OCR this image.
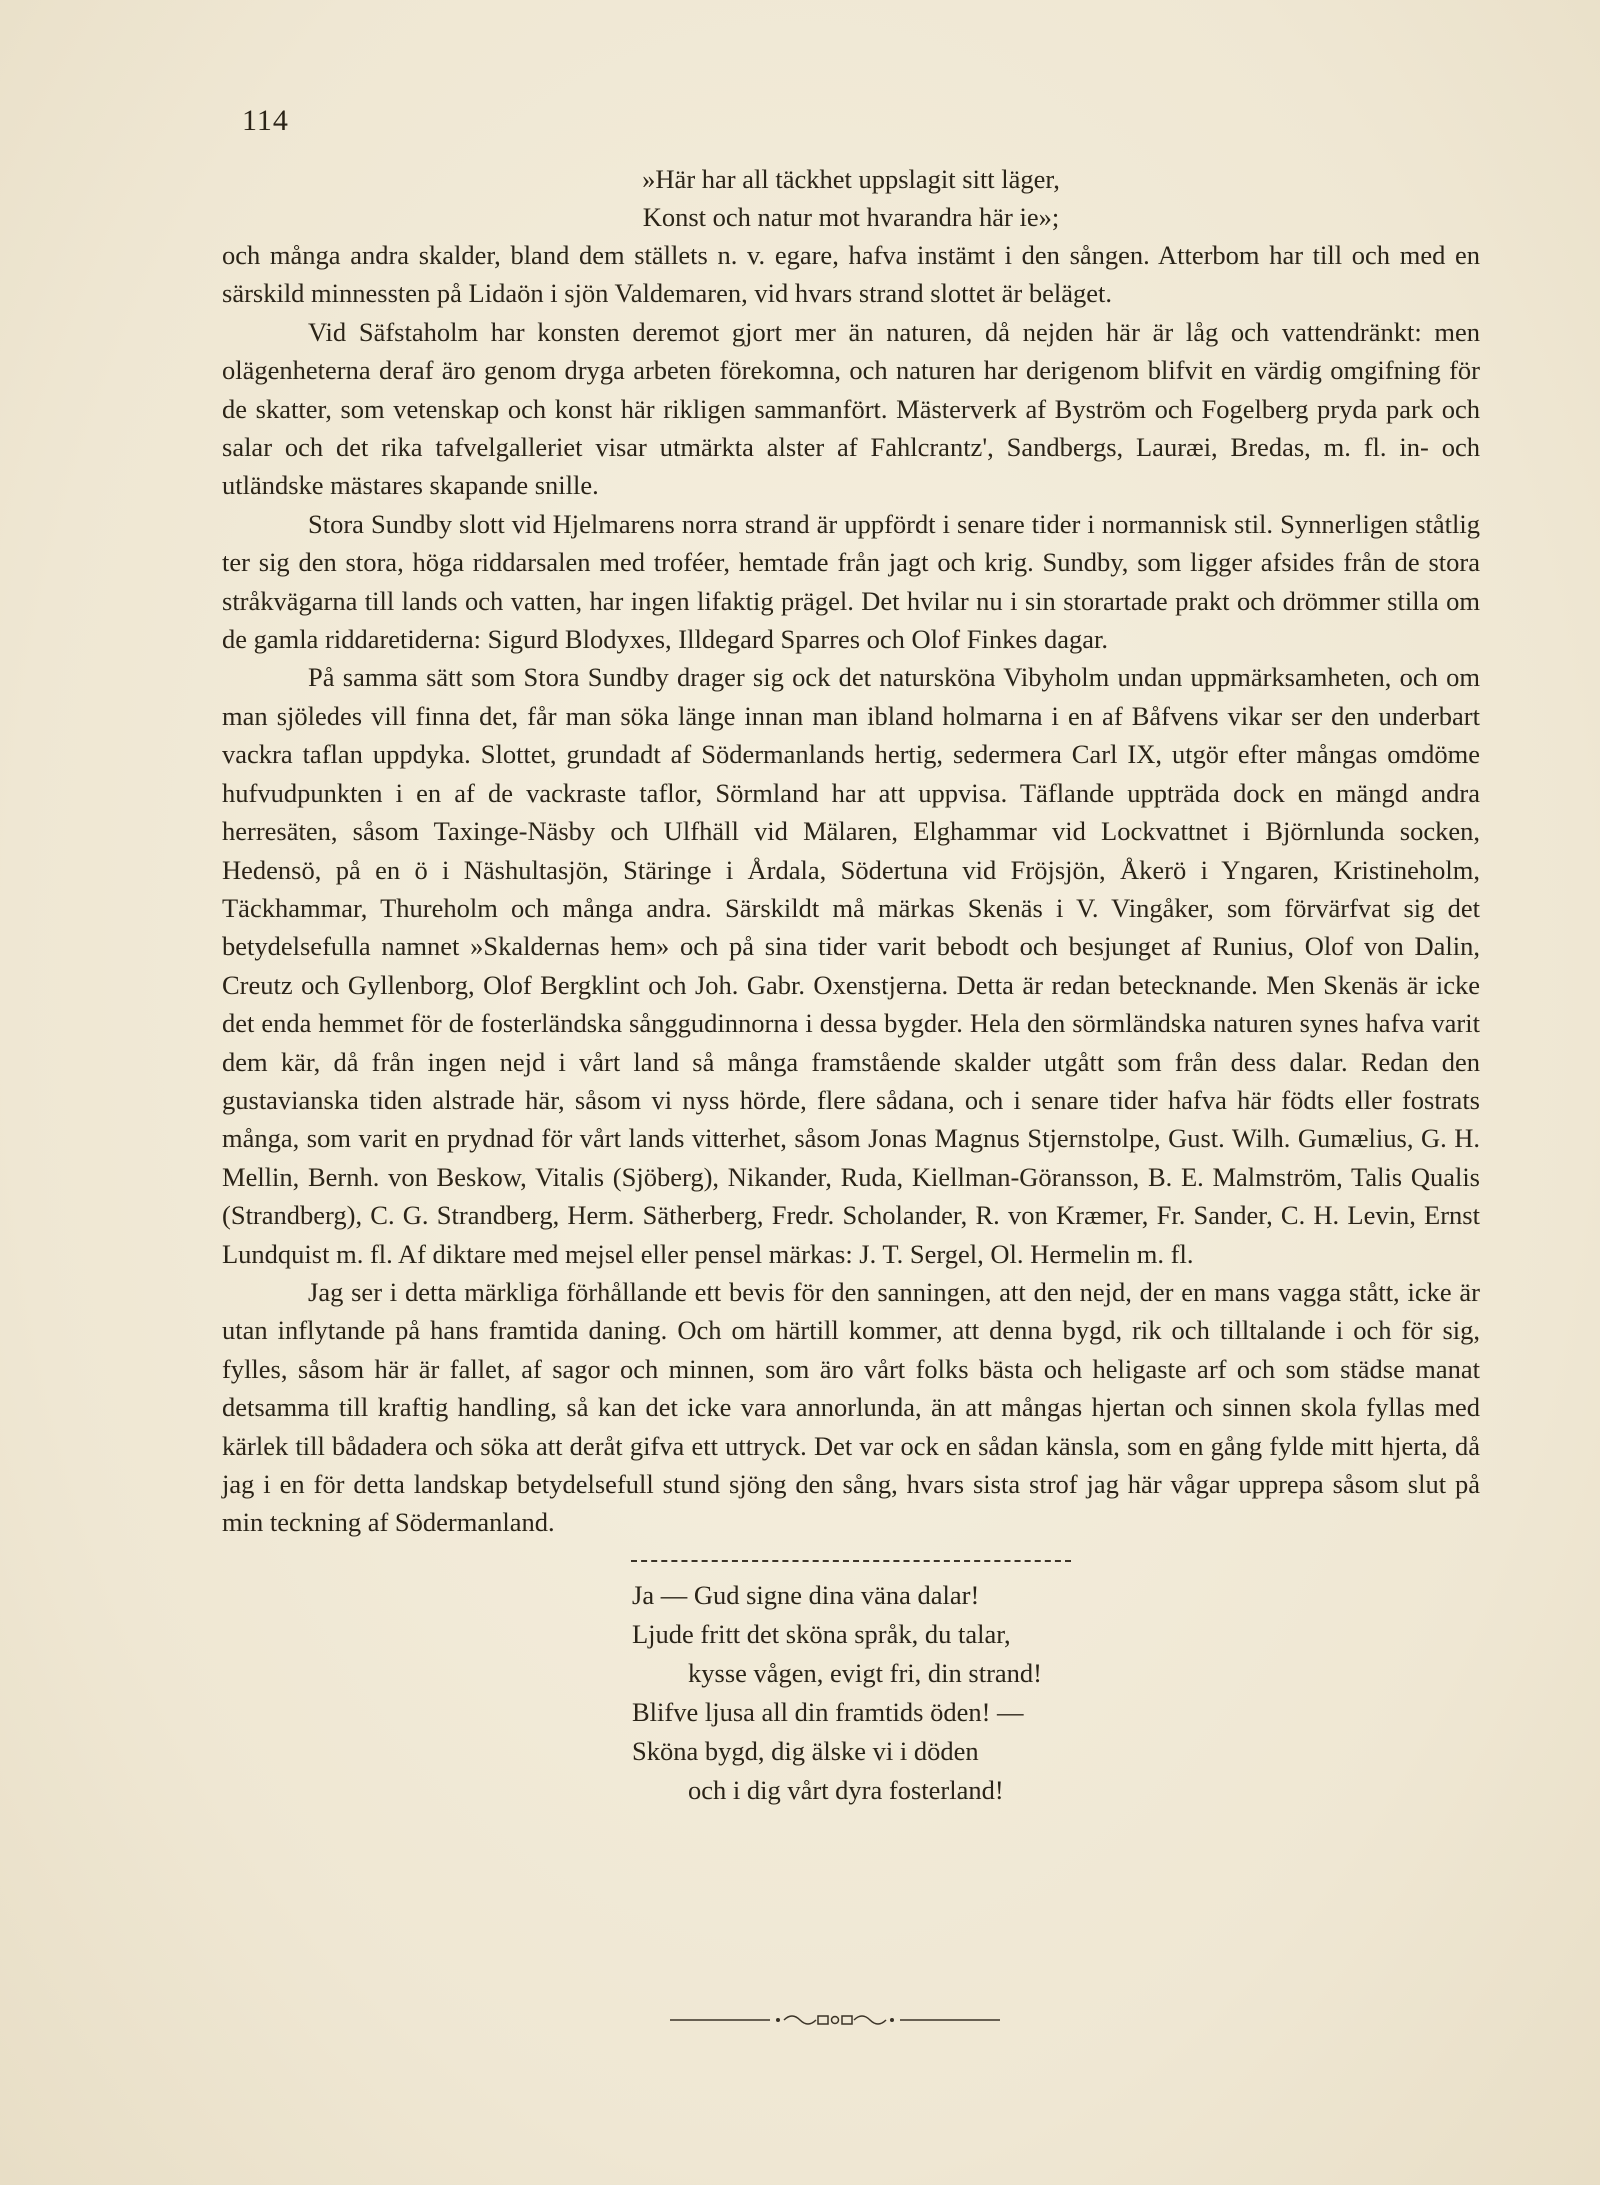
114
»Här har all täckhet uppslagit sitt läger,
Konst och natur mot hvarandra här ie»;

och många andra skalder, bland dem ställets n. v. egare, hafva instämt i den sången. Atterbom har till och med en särskild minnessten på Lidaön i sjön Valdemaren, vid hvars strand slottet är beläget.

Vid Säfstaholm har konsten deremot gjort mer än naturen, då nejden här är låg och vattendränkt: men olägenheterna deraf äro genom dryga arbeten förekomna, och naturen har derigenom blifvit en värdig omgifning för de skatter, som vetenskap och konst här rikligen sammanfört. Mästerverk af Byström och Fogelberg pryda park och salar och det rika tafvelgalleriet visar utmärkta alster af Fahlcrantz', Sandbergs, Lauræi, Bredas, m. fl. in- och utländske mästares skapande snille.

Stora Sundby slott vid Hjelmarens norra strand är uppfördt i senare tider i normannisk stil. Synnerligen ståtlig ter sig den stora, höga riddarsalen med troféer, hemtade från jagt och krig. Sundby, som ligger afsides från de stora stråkvägarna till lands och vatten, har ingen lifaktig prägel. Det hvilar nu i sin storartade prakt och drömmer stilla om de gamla riddaretiderna: Sigurd Blodyxes, Illdegard Sparres och Olof Finkes dagar.

På samma sätt som Stora Sundby drager sig ock det natursköna Vibyholm undan uppmärksamheten, och om man sjöledes vill finna det, får man söka länge innan man ibland holmarna i en af Båfvens vikar ser den underbart vackra taflan uppdyka. Slottet, grundadt af Södermanlands hertig, sedermera Carl IX, utgör efter mångas omdöme hufvudpunkten i en af de vackraste taflor, Sörmland har att uppvisa. Täflande uppträda dock en mängd andra herresäten, såsom Taxinge-Näsby och Ulfhäll vid Mälaren, Elghammar vid Lockvattnet i Björnlunda socken, Hedensö, på en ö i Näshultasjön, Stäringe i Årdala, Södertuna vid Fröjsjön, Åkerö i Yngaren, Kristineholm, Täckhammar, Thureholm och många andra. Särskildt må märkas Skenäs i V. Vingåker, som förvärfvat sig det betydelsefulla namnet »Skaldernas hem» och på sina tider varit bebodt och besjunget af Runius, Olof von Dalin, Creutz och Gyllenborg, Olof Bergklint och Joh. Gabr. Oxenstjerna. Detta är redan betecknande. Men Skenäs är icke det enda hemmet för de fosterländska sånggudinnorna i dessa bygder. Hela den sörmländska naturen synes hafva varit dem kär, då från ingen nejd i vårt land så många framstående skalder utgått som från dess dalar. Redan den gustavianska tiden alstrade här, såsom vi nyss hörde, flere sådana, och i senare tider hafva här födts eller fostrats många, som varit en prydnad för vårt lands vitterhet, såsom Jonas Magnus Stjernstolpe, Gust. Wilh. Gumælius, G. H. Mellin, Bernh. von Beskow, Vitalis (Sjöberg), Nikander, Ruda, Kiellman-Göransson, B. E. Malmström, Talis Qualis (Strandberg), C. G. Strandberg, Herm. Sätherberg, Fredr. Scholander, R. von Kræmer, Fr. Sander, C. H. Levin, Ernst Lundquist m. fl. Af diktare med mejsel eller pensel märkas: J. T. Sergel, Ol. Hermelin m. fl.

Jag ser i detta märkliga förhållande ett bevis för den sanningen, att den nejd, der en mans vagga stått, icke är utan inflytande på hans framtida daning. Och om härtill kommer, att denna bygd, rik och tilltalande i och för sig, fylles, såsom här är fallet, af sagor och minnen, som äro vårt folks bästa och heligaste arf och som städse manat detsamma till kraftig handling, så kan det icke vara annorlunda, än att mångas hjertan och sinnen skola fyllas med kärlek till bådadera och söka att deråt gifva ett uttryck. Det var ock en sådan känsla, som en gång fylde mitt hjerta, då jag i en för detta landskap betydelsefull stund sjöng den sång, hvars sista strof jag här vågar upprepa såsom slut på min teckning af Södermanland.

Ja — Gud signe dina väna dalar!
Ljude fritt det sköna språk, du talar,
kysse vågen, evigt fri, din strand!
Blifve ljusa all din framtids öden! —
Sköna bygd, dig älske vi i döden
och i dig vårt dyra fosterland!
